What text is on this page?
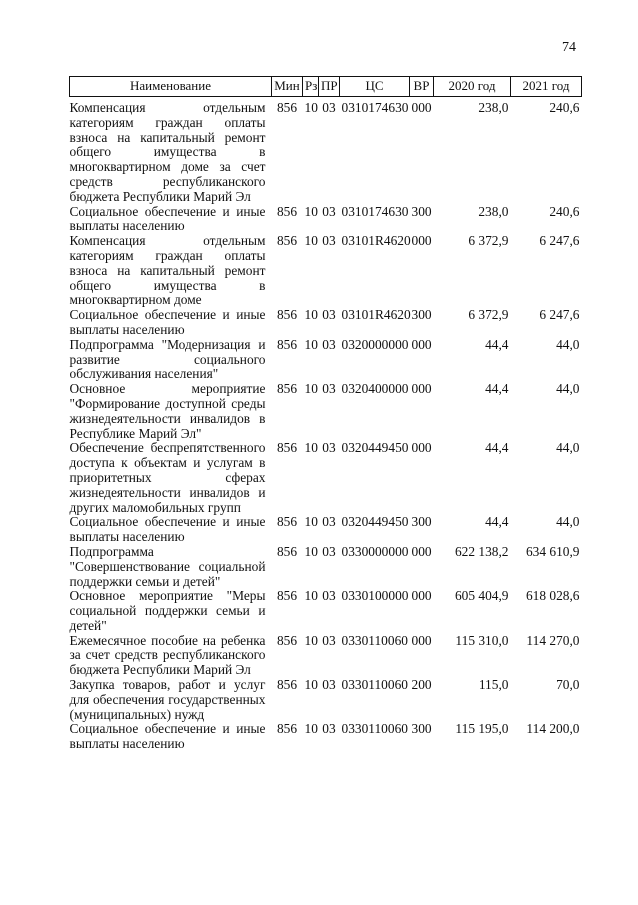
74
Наименование	Мин	Рз	ПР	ЦС	ВР	2020 год	2021 год
Компенсация отдельным категориям граждан оплаты взноса на капитальный ремонт общего имущества в многоквартирном доме за счет средств республиканского бюджета Республики Марий Эл	856	10	03	0310174630	000	238,0	240,6
Социальное обеспечение и иные выплаты населению	856	10	03	0310174630	300	238,0	240,6
Компенсация отдельным категориям граждан оплаты взноса на капитальный ремонт общего имущества в многоквартирном доме	856	10	03	03101R4620	000	6 372,9	6 247,6
Социальное обеспечение и иные выплаты населению	856	10	03	03101R4620	300	6 372,9	6 247,6
Подпрограмма "Модернизация и развитие социального обслуживания населения"	856	10	03	0320000000	000	44,4	44,0
Основное мероприятие "Формирование доступной среды жизнедеятельности инвалидов в Республике Марий Эл"	856	10	03	0320400000	000	44,4	44,0
Обеспечение беспрепятственного доступа к объектам и услугам в приоритетных сферах жизнедеятельности инвалидов и других маломобильных групп	856	10	03	0320449450	000	44,4	44,0
Социальное обеспечение и иные выплаты населению	856	10	03	0320449450	300	44,4	44,0
Подпрограмма "Совершенствование социальной поддержки семьи и детей"	856	10	03	0330000000	000	622 138,2	634 610,9
Основное мероприятие "Меры социальной поддержки семьи и детей"	856	10	03	0330100000	000	605 404,9	618 028,6
Ежемесячное пособие на ребенка за счет средств республиканского бюджета Республики Марий Эл	856	10	03	0330110060	000	115 310,0	114 270,0
Закупка товаров, работ и услуг для обеспечения государственных (муниципальных) нужд	856	10	03	0330110060	200	115,0	70,0
Социальное обеспечение и иные выплаты населению	856	10	03	0330110060	300	115 195,0	114 200,0
